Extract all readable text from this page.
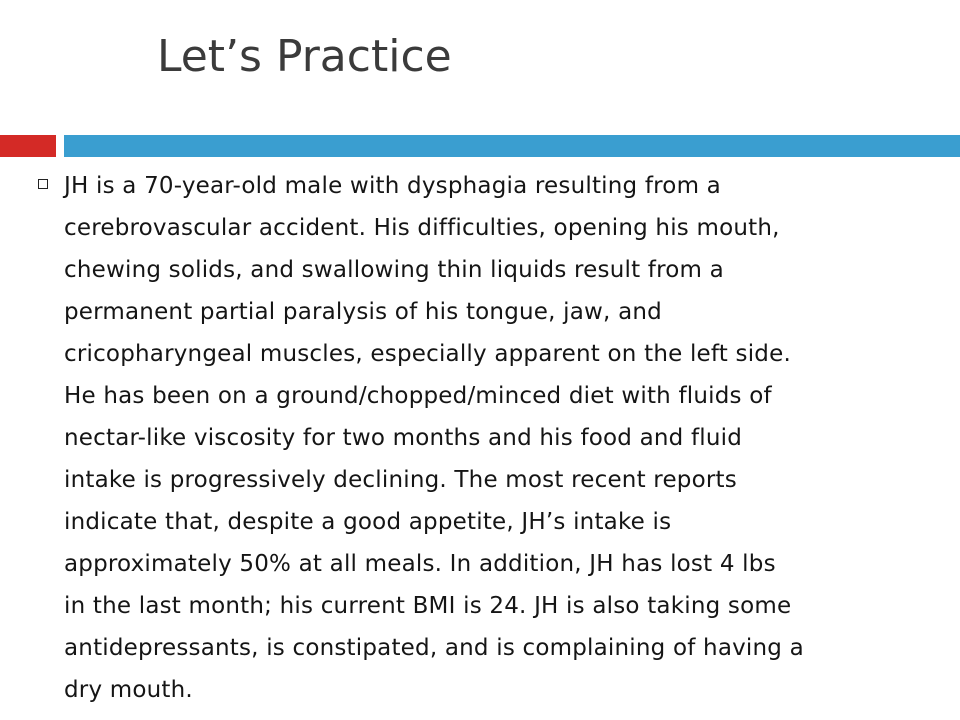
Let’s Practice
JH is a 70-year-old male with dysphagia resulting from a
cerebrovascular accident. His difficulties, opening his mouth,
chewing solids, and swallowing thin liquids result from a
permanent partial paralysis of his tongue, jaw, and
cricopharyngeal muscles, especially apparent on the left side.
He has been on a ground/chopped/minced diet with fluids of
nectar-like viscosity for two months and his food and fluid
intake is progressively declining. The most recent reports
indicate that, despite a good appetite, JH’s intake is
approximately 50% at all meals. In addition, JH has lost 4 lbs
in the last month; his current BMI is 24. JH is also taking some
antidepressants, is constipated, and is complaining of having a
dry mouth.
